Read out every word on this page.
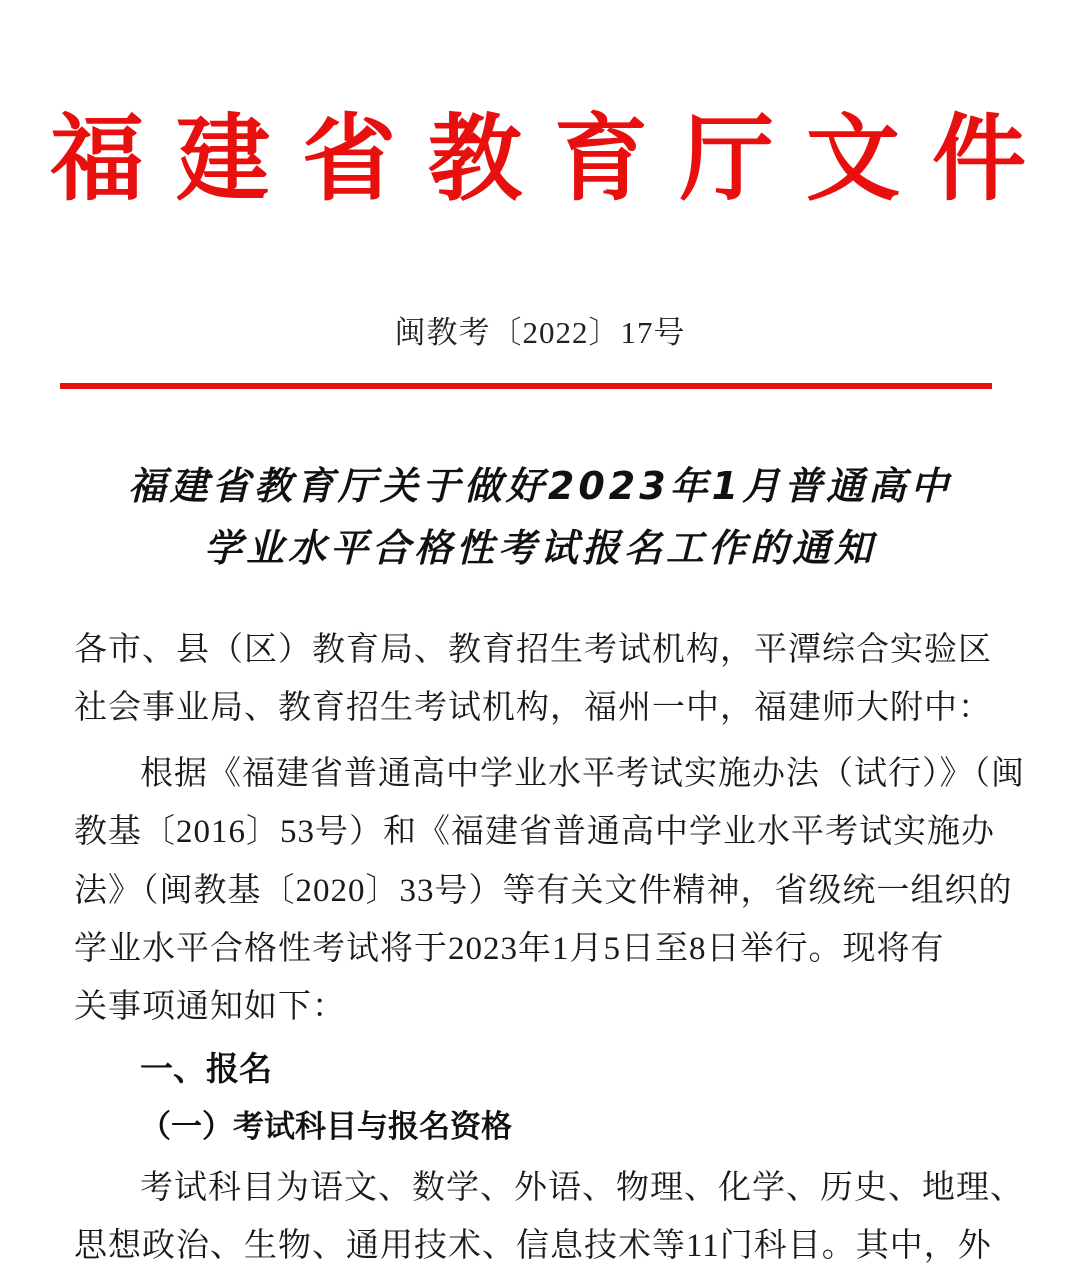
福建省教育厅文件
闽教考〔2022〕17号
福建省教育厅关于做好2023年1月普通高中
学业水平合格性考试报名工作的通知
各市、县（区）教育局、教育招生考试机构，平潭综合实验区
社会事业局、教育招生考试机构，福州一中，福建师大附中：
根据《福建省普通高中学业水平考试实施办法（试行）》（闽
教基〔2016〕53号）和《福建省普通高中学业水平考试实施办
法》（闽教基〔2020〕33号）等有关文件精神，省级统一组织的
学业水平合格性考试将于2023年1月5日至8日举行。现将有
关事项通知如下：
一、报名
（一）考试科目与报名资格
考试科目为语文、数学、外语、物理、化学、历史、地理、
思想政治、生物、通用技术、信息技术等11门科目。其中，外
